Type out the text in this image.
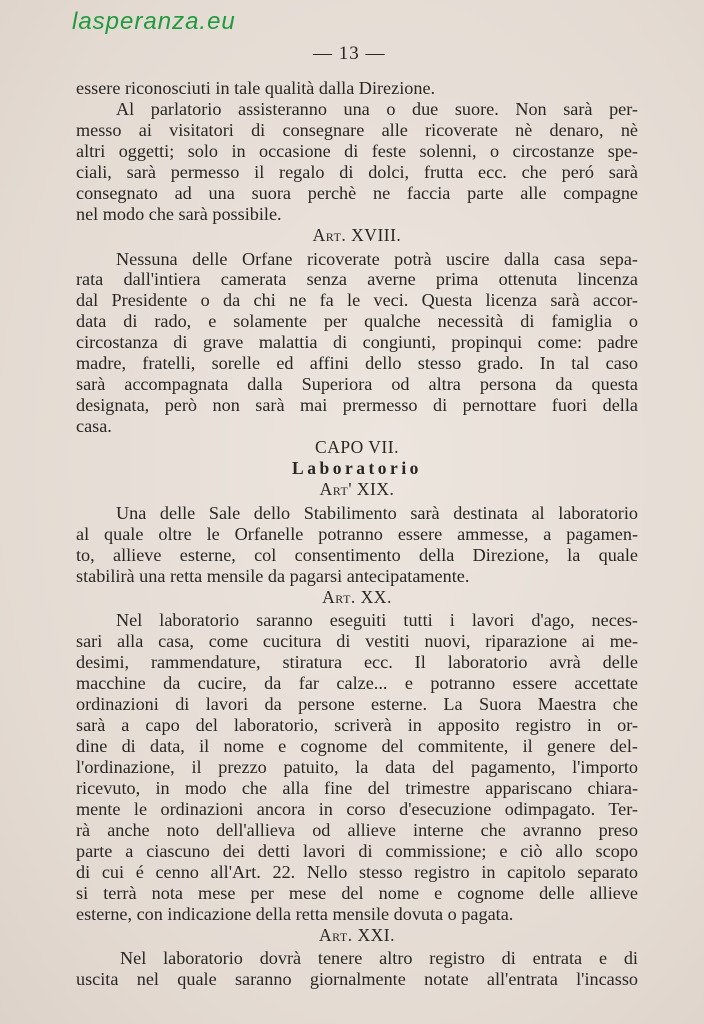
lasperanza.eu
— 13 —
essere riconosciuti in tale qualità dalla Direzione.
Al parlatorio assisteranno una o due suore. Non sarà per-
messo ai visitatori di consegnare alle ricoverate nè denaro, nè
altri oggetti; solo in occasione di feste solenni, o circostanze spe-
ciali, sarà permesso il regalo di dolci, frutta ecc. che peró sarà
consegnato ad una suora perchè ne faccia parte alle compagne
nel modo che sarà possibile.
Art. XVIII.
Nessuna delle Orfane ricoverate potrà uscire dalla casa sepa-
rata dall'intiera camerata senza averne prima ottenuta lincenza
dal Presidente o da chi ne fa le veci. Questa licenza sarà accor-
data di rado, e solamente per qualche necessità di famiglia o
circostanza di grave malattia di congiunti, propinqui come: padre
madre, fratelli, sorelle ed affini dello stesso grado. In tal caso
sarà accompagnata dalla Superiora od altra persona da questa
designata, però non sarà mai prermesso di pernottare fuori della
casa.
CAPO VII.
Laboratorio
Art' XIX.
Una delle Sale dello Stabilimento sarà destinata al laboratorio
al quale oltre le Orfanelle potranno essere ammesse, a pagamen-
to, allieve esterne, col consentimento della Direzione, la quale
stabilirà una retta mensile da pagarsi antecipatamente.
Art. XX.
Nel laboratorio saranno eseguiti tutti i lavori d'ago, neces-
sari alla casa, come cucitura di vestiti nuovi, riparazione ai me-
desimi, rammendature, stiratura ecc. Il laboratorio avrà delle
macchine da cucire, da far calze... e potranno essere accettate
ordinazioni di lavori da persone esterne. La Suora Maestra che
sarà a capo del laboratorio, scriverà in apposito registro in or-
dine di data, il nome e cognome del commitente, il genere del-
l'ordinazione, il prezzo patuito, la data del pagamento, l'importo
ricevuto, in modo che alla fine del trimestre appariscano chiara-
mente le ordinazioni ancora in corso d'esecuzione odimpagato. Ter-
rà anche noto dell'allieva od allieve interne che avranno preso
parte a ciascuno dei detti lavori di commissione; e ciò allo scopo
di cui é cenno all'Art. 22. Nello stesso registro in capitolo separato
si terrà nota mese per mese del nome e cognome delle allieve
esterne, con indicazione della retta mensile dovuta o pagata.
Art. XXI.
Nel laboratorio dovrà tenere altro registro di entrata e di
uscita nel quale saranno giornalmente notate all'entrata l'incasso
